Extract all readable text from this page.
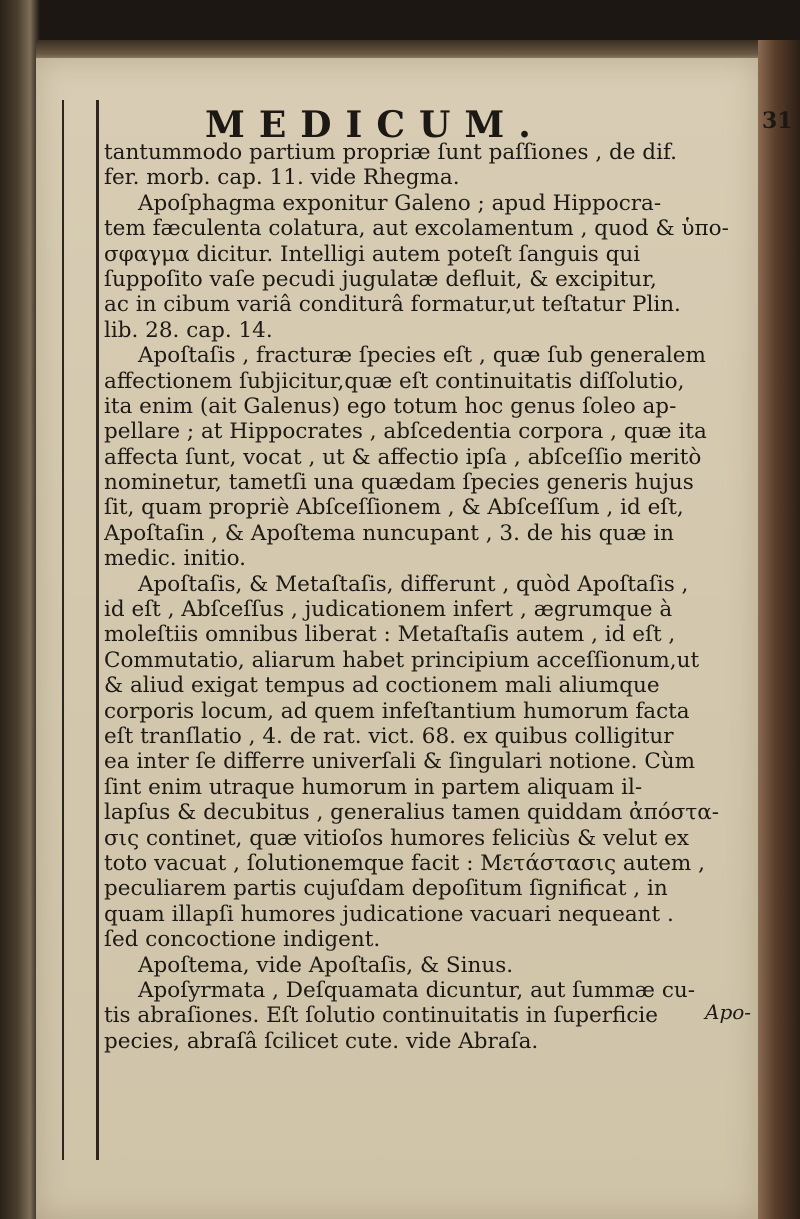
MEDICUM.	31
tantummodo partium propriæ ſunt paſſiones , de dif.
fer. morb. cap. 11. vide Rhegma.
Apoſphagma exponitur Galeno ; apud Hippocra-
tem fæculenta colatura, aut excolamentum , quod & ὑπο-
σφαγμα dicitur. Intelligi autem poteſt ſanguis qui
ſuppoſito vaſe pecudi jugulatæ defluit, & excipitur,
ac in cibum variâ conditurâ formatur,ut teſtatur Plin.
lib. 28. cap. 14.
Apoſtaſis , fracturæ ſpecies eſt , quæ ſub generalem
affectionem ſubjicitur,quæ eſt continuitatis diſſolutio,
ita enim (ait Galenus) ego totum hoc genus ſoleo ap-
pellare ; at Hippocrates , abſcedentia corpora , quæ ita
affecta ſunt, vocat , ut & affectio ipſa , abſceſſio meritò
nominetur, tametſi una quædam ſpecies generis hujus
ſit, quam propriè Abſceſſionem , & Abſceſſum , id eſt,
Apoſtaſin , & Apoſtema nuncupant , 3. de his quæ in
medic. initio.
Apoſtaſis, & Metaſtaſis, differunt , quòd Apoſtaſis ,
id eſt , Abſceſſus , judicationem infert , ægrumque à
moleſtiis omnibus liberat : Metaſtaſis autem , id eſt ,
Commutatio, aliarum habet principium acceſſionum,ut
& aliud exigat tempus ad coctionem mali aliumque
corporis locum, ad quem infeſtantium humorum facta
eſt tranſlatio , 4. de rat. vict. 68. ex quibus colligitur
ea inter ſe differre univerſali & ſingulari notione. Cùm
ſint enim utraque humorum in partem aliquam il-
lapſus & decubitus , generalius tamen quiddam ἀπόστα-
σις continet, quæ vitioſos humores feliciùs & velut ex
toto vacuat , ſolutionemque facit : Μετάστασις autem ,
peculiarem partis cujuſdam depoſitum ſignificat , in
quam illapſi humores judicatione vacuari nequeant .
ſed concoctione indigent.
Apoſtema, vide Apoſtaſis, & Sinus.
Apoſyrmata , Deſquamata dicuntur, aut ſummæ cu-
tis abraſiones. Eſt ſolutio continuitatis in ſuperficie
pecies, abraſâ ſcilicet cute. vide Abraſa.
Apo-
